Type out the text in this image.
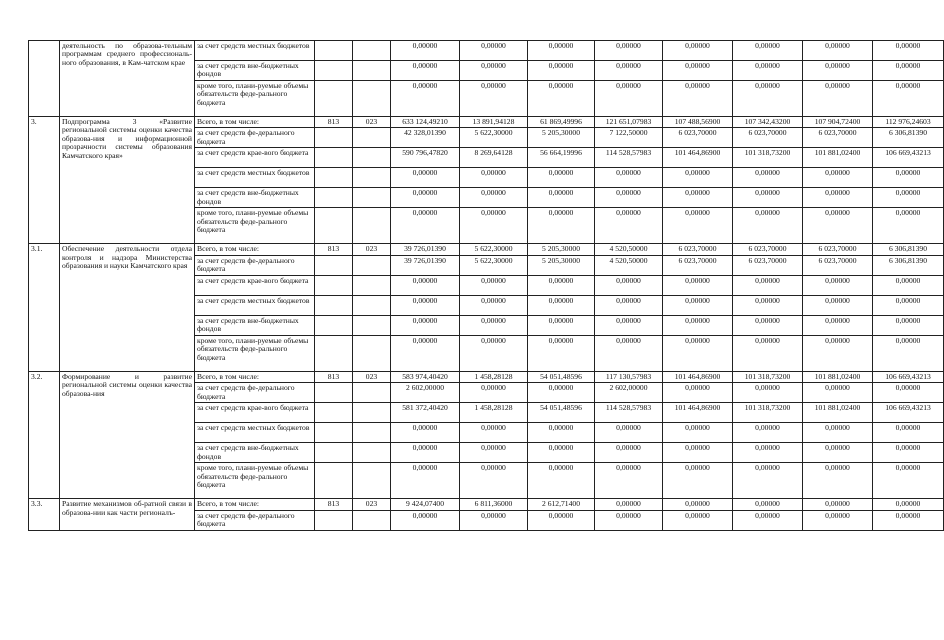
	деятельность по образова-тельным программам среднего профессиональ-ного образования, в Кам-чатском крае	за счет средств местных бюджетов			0,00000	0,00000	0,00000	0,00000	0,00000	0,00000	0,00000	0,00000
		за счет средств вне-бюджетных фондов			0,00000	0,00000	0,00000	0,00000	0,00000	0,00000	0,00000	0,00000
		кроме того, плани-руемые объемы обязательств феде-рального бюджета			0,00000	0,00000	0,00000	0,00000	0,00000	0,00000	0,00000	0,00000
3.	Подпрограмма 3 «Развитие региональной системы оценки качества образова-ния и информационной прозрачности системы образования Камчатского края»	Всего, в том числе:	813	023	633 124,49210	13 891,94128	61 869,49996	121 651,07983	107 488,56900	107 342,43200	107 904,72400	112 976,24603
		за счет средств фе-дерального бюджета			42 328,01390	5 622,30000	5 205,30000	7 122,50000	6 023,70000	6 023,70000	6 023,70000	6 306,81390
		за счет средств крае-вого бюджета			590 796,47820	8 269,64128	56 664,19996	114 528,57983	101 464,86900	101 318,73200	101 881,02400	106 669,43213
		за счет средств местных бюджетов			0,00000	0,00000	0,00000	0,00000	0,00000	0,00000	0,00000	0,00000
		за счет средств вне-бюджетных фондов			0,00000	0,00000	0,00000	0,00000	0,00000	0,00000	0,00000	0,00000
		кроме того, плани-руемые объемы обязательств феде-рального бюджета			0,00000	0,00000	0,00000	0,00000	0,00000	0,00000	0,00000	0,00000
3.1.	Обеспечение деятельности отдела контроля и надзора Министерства образования и науки Камчатского края	Всего, в том числе:	813	023	39 726,01390	5 622,30000	5 205,30000	4 520,50000	6 023,70000	6 023,70000	6 023,70000	6 306,81390
		за счет средств фе-дерального бюджета			39 726,01390	5 622,30000	5 205,30000	4 520,50000	6 023,70000	6 023,70000	6 023,70000	6 306,81390
		за счет средств крае-вого бюджета			0,00000	0,00000	0,00000	0,00000	0,00000	0,00000	0,00000	0,00000
		за счет средств местных бюджетов			0,00000	0,00000	0,00000	0,00000	0,00000	0,00000	0,00000	0,00000
		за счет средств вне-бюджетных фондов			0,00000	0,00000	0,00000	0,00000	0,00000	0,00000	0,00000	0,00000
		кроме того, плани-руемые объемы обязательств феде-рального бюджета			0,00000	0,00000	0,00000	0,00000	0,00000	0,00000	0,00000	0,00000
3.2.	Формирование и развитие региональной системы оценки качества образова-ния	Всего, в том числе:	813	023	583 974,40420	1 458,28128	54 051,48596	117 130,57983	101 464,86900	101 318,73200	101 881,02400	106 669,43213
		за счет средств фе-дерального бюджета			2 602,00000	0,00000	0,00000	2 602,00000	0,00000	0,00000	0,00000	0,00000
		за счет средств крае-вого бюджета			581 372,40420	1 458,28128	54 051,48596	114 528,57983	101 464,86900	101 318,73200	101 881,02400	106 669,43213
		за счет средств местных бюджетов			0,00000	0,00000	0,00000	0,00000	0,00000	0,00000	0,00000	0,00000
		за счет средств вне-бюджетных фондов			0,00000	0,00000	0,00000	0,00000	0,00000	0,00000	0,00000	0,00000
		кроме того, плани-руемые объемы обязательств феде-рального бюджета			0,00000	0,00000	0,00000	0,00000	0,00000	0,00000	0,00000	0,00000
3.3.	Развитие механизмов об-ратной связи в образова-нии как части регионалъ-	Всего, в том числе:	813	023	9 424,07400	6 811,36000	2 612,71400	0,00000	0,00000	0,00000	0,00000	0,00000
		за счет средств фе-дерального бюджета			0,00000	0,00000	0,00000	0,00000	0,00000	0,00000	0,00000	0,00000
